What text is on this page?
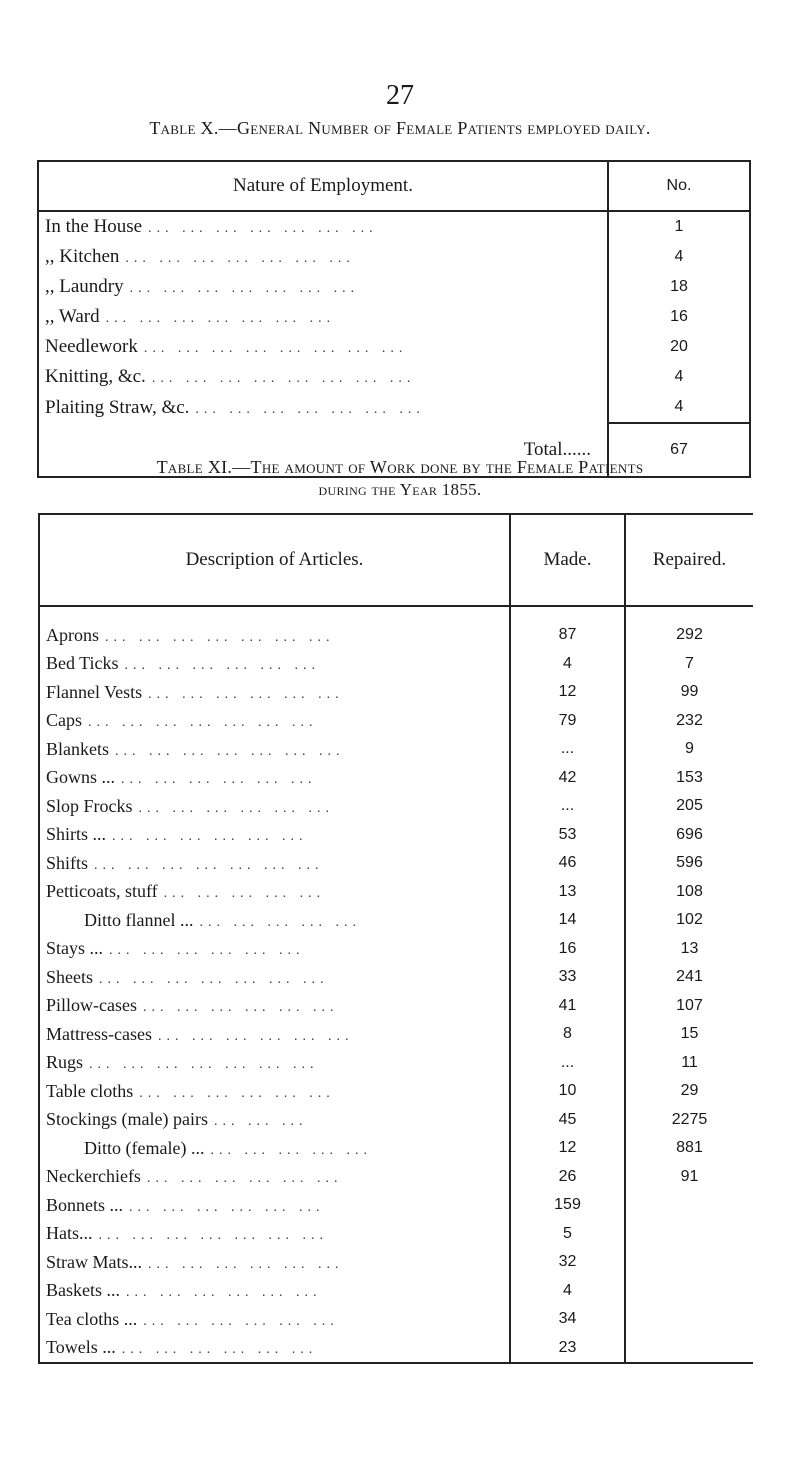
27
Table X.—General Number of Female Patients employed daily.
Nature of Employment.	No.

In the House ... ... ... ... ... ... ...	1

,, Kitchen ... ... ... ... ... ... ...	4

,, Laundry ... ... ... ... ... ... ...	18

,, Ward ... ... ... ... ... ... ...	16

Needlework ... ... ... ... ... ... ... ...	20

Knitting, &c. ... ... ... ... ... ... ... ...	4

Plaiting Straw, &c. ... ... ... ... ... ... ...	4
Total......	67
Table XI.—The amount of Work done by the Female Patients
during the Year 1855.
Description of Articles.	Made.	Repaired.

Aprons ... ... ... ... ... ... ...	87	292

Bed Ticks ... ... ... ... ... ...	4	7

Flannel Vests ... ... ... ... ... ...	12	99

Caps ... ... ... ... ... ... ...	79	232

Blankets ... ... ... ... ... ... ...	...	9

Gowns ... ... ... ... ... ... ...	42	153

Slop Frocks ... ... ... ... ... ...	...	205

Shirts ... ... ... ... ... ... ...	53	696

Shifts ... ... ... ... ... ... ...	46	596

Petticoats, stuff ... ... ... ... ...	13	108

Ditto flannel ... ... ... ... ... ...	14	102

Stays ... ... ... ... ... ... ...	16	13

Sheets ... ... ... ... ... ... ...	33	241

Pillow-cases ... ... ... ... ... ...	41	107

Mattress-cases ... ... ... ... ... ...	8	15

Rugs ... ... ... ... ... ... ...	...	11

Table cloths ... ... ... ... ... ...	10	29

Stockings (male) pairs ... ... ...	45	2275

Ditto (female) ... ... ... ... ... ...	12	881

Neckerchiefs ... ... ... ... ... ...	26	91

Bonnets ... ... ... ... ... ... ...	159	

Hats... ... ... ... ... ... ... ...	5	

Straw Mats... ... ... ... ... ... ...	32	

Baskets ... ... ... ... ... ... ...	4	

Tea cloths ... ... ... ... ... ... ...	34	

Towels ... ... ... ... ... ... ...	23	
